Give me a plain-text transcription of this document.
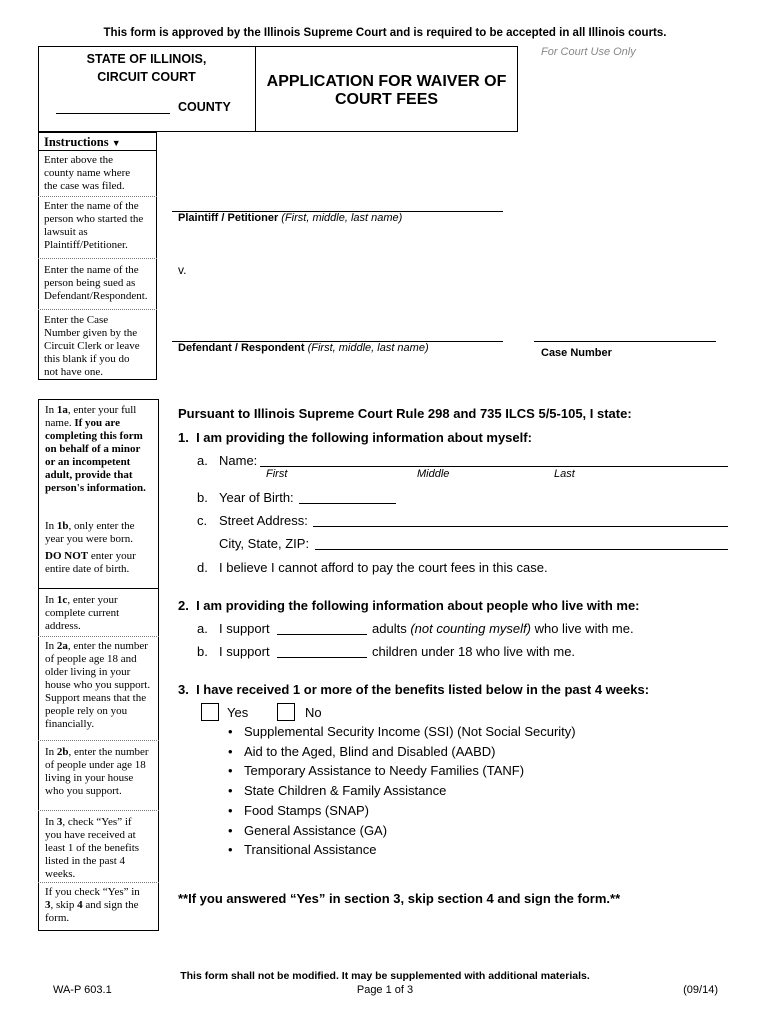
This form is approved by the Illinois Supreme Court and is required to be accepted in all Illinois courts.
STATE OF ILLINOIS,
CIRCUIT COURT
COUNTY
APPLICATION FOR WAIVER OF
COURT FEES
For Court Use Only
Instructions ▼
Enter above the
county name where
the case was filed.
Enter the name of the
person who started the
lawsuit as
Plaintiff/Petitioner.
Enter the name of the
person being sued as
Defendant/Respondent.
Enter the Case
Number given by the
Circuit Clerk or leave
this blank if you do
not have one.
Plaintiff / Petitioner (First, middle, last name)
v.
Defendant / Respondent (First, middle, last name)	Case Number
In 1a, enter your full
name. If you are
completing this form
on behalf of a minor
or an incompetent
adult, provide that
person's information.
In 1b, only enter the
year you were born.
DO NOT enter your
entire date of birth.
In 1c, enter your
complete current
address.
In 2a, enter the number
of people age 18 and
older living in your
house who you support.
Support means that the
people rely on you
financially.
In 2b, enter the number
of people under age 18
living in your house
who you support.
In 3, check “Yes” if
you have received at
least 1 of the benefits
listed in the past 4
weeks.
If you check “Yes” in
3, skip 4 and sign the
form.
Pursuant to Illinois Supreme Court Rule 298 and 735 ILCS 5/5-105, I state:
1.  I am providing the following information about myself:
a. Name:
First	Middle	Last
b. Year of Birth:
c. Street Address:
City, State, ZIP:
d. I believe I cannot afford to pay the court fees in this case.
2.  I am providing the following information about people who live with me:
a. I support	adults (not counting myself) who live with me.
b. I support	children under 18 who live with me.
3.  I have received 1 or more of the benefits listed below in the past 4 weeks:
Yes	No
• Supplemental Security Income (SSI) (Not Social Security)
• Aid to the Aged, Blind and Disabled (AABD)
• Temporary Assistance to Needy Families (TANF)
• State Children & Family Assistance
• Food Stamps (SNAP)
• General Assistance (GA)
• Transitional Assistance
**If you answered “Yes” in section 3, skip section 4 and sign the form.**
This form shall not be modified. It may be supplemented with additional materials.
WA-P 603.1	Page 1 of 3	(09/14)
